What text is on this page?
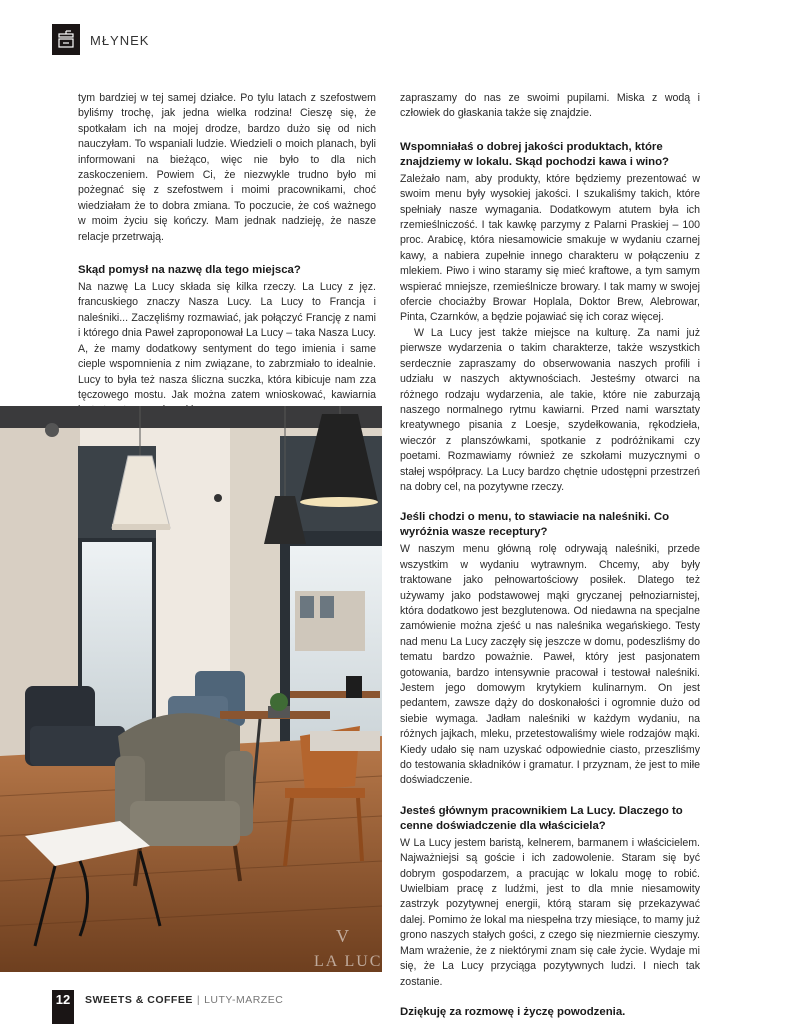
MŁYNEK

tym bardziej w tej samej działce. Po tylu latach z szefostwem byliśmy trochę, jak jedna wielka rodzina! Cieszę się, że spotkałam ich na mojej drodze, bardzo dużo się od nich nauczyłam. To wspaniali ludzie. Wiedzieli o moich planach, byli informowani na bieżąco, więc nie było to dla nich zaskoczeniem. Powiem Ci, że niezwykle trudno było mi pożegnać się z szefostwem i moimi pracownikami, choć wiedziałam że to dobra zmiana. To poczucie, że coś ważnego w moim życiu się kończy. Mam jednak nadzieję, że nasze relacje przetrwają.

Skąd pomysł na nazwę dla tego miejsca?

Na nazwę La Lucy składa się kilka rzeczy. La Lucy z jęz. francuskiego znaczy Nasza Lucy. La Lucy to Francja i naleśniki... Zaczęliśmy rozmawiać, jak połączyć Francję z nami i którego dnia Paweł zaproponował La Lucy – taka Nasza Lucy. A, że mamy dodatkowy sentyment do tego imienia i same cieple wspomnienia z nim związane, to zabrzmiało to idealnie. Lucy to była też nasza śliczna suczka, która kibicuje nam zza tęczowego mostu. Jak można zatem wnioskować, kawiarnia

LA LUCY
V

zapraszamy do nas ze swoimi pupilami. Miska z wodą i człowiek do głaskania także się znajdzie.

Wspomniałaś o dobrej jakości produktach, które znajdziemy w lokalu. Skąd pochodzi kawa i wino?

Zależało nam, aby produkty, które będziemy prezentować w swoim menu były wysokiej jakości. I szukaliśmy takich, które spełniały nasze wymagania. Dodatkowym atutem była ich rzemieślniczość. I tak kawkę parzymy z Palarni Praskiej – 100 proc. Arabicę, która niesamowicie smakuje w wydaniu czarnej kawy, a nabiera zupełnie innego charakteru w połączeniu z mlekiem. Piwo i wino staramy się mieć kraftowe, a tym samym wspierać mniejsze, rzemieślnicze browary. I tak mamy w swojej ofercie chociażby Browar Hoplala, Doktor Brew, Alebrowar, Pinta, Czarnków, a będzie pojawiać się ich coraz więcej.

W La Lucy jest także miejsce na kulturę. Za nami już pierwsze wydarzenia o takim charakterze, także wszystkich serdecznie zapraszamy do obserwowania naszych profili i udziału w naszych aktywnościach. Jesteśmy otwarci na różnego rodzaju wydarzenia, ale takie, które nie zaburzają naszego normalnego rytmu kawiarni. Przed nami warsztaty kreatywnego pisania z Loesje, szydełkowania, rękodzieła, wieczór z planszówkami, spotkanie z podróżnikami czy poetami. Rozmawiamy również ze szkołami muzycznymi o stałej współpracy. La Lucy bardzo chętnie udostępni przestrzeń na dobry cel, na pozytywne rzeczy.

Jeśli chodzi o menu, to stawiacie na naleśniki. Co wyróżnia wasze receptury?

W naszym menu główną rolę odrywają naleśniki, przede wszystkim w wydaniu wytrawnym. Chcemy, aby były traktowane jako pełnowartościowy posiłek. Dlatego też używamy jako podstawowej mąki gryczanej pełnoziarnistej, która dodatkowo jest bezglutenowa. Od niedawna na specjalne zamówienie można zjeść u nas naleśnika wegańskiego. Testy nad menu La Lucy zaczęły się jeszcze w domu, podeszliśmy do tematu bardzo poważnie. Paweł, który jest pasjonatem gotowania, bardzo intensywnie pracował i testował naleśniki. Jestem jego domowym krytykiem kulinarnym. On jest pedantem, zawsze dąży do doskonałości i ogromnie dużo od siebie wymaga. Jadłam naleśniki w każdym wydaniu, na różnych jajkach, mleku, przetestowaliśmy wiele rodzajów mąki. Kiedy udało się nam uzyskać odpowiednie ciasto, przeszliśmy do testowania składników i gramatur. I przyznam, że jest to miłe doświadczenie.

Jesteś głównym pracownikiem La Lucy. Dlaczego to cenne doświadczenie dla właściciela?

W La Lucy jestem baristą, kelnerem, barmanem i właścicielem. Najważniejsi są goście i ich zadowolenie. Staram się być dobrym gospodarzem, a pracując w lokalu mogę to robić. Uwielbiam pracę z ludźmi, jest to dla mnie niesamowity zastrzyk pozytywnej energii, którą staram się przekazywać dalej. Pomimo że lokal ma niespełna trzy miesiące, to mamy już grono naszych stałych gości, z czego się niezmiernie cieszymy. Mam wrażenie, że z niektórymi znam się całe życie. Wydaje mi się, że La Lucy przyciąga pozytywnych ludzi. I niech tak zostanie.

Dziękuję za rozmowę i życzę powodzenia.
12	SWEETS & COFFEE | LUTY-MARZEC
